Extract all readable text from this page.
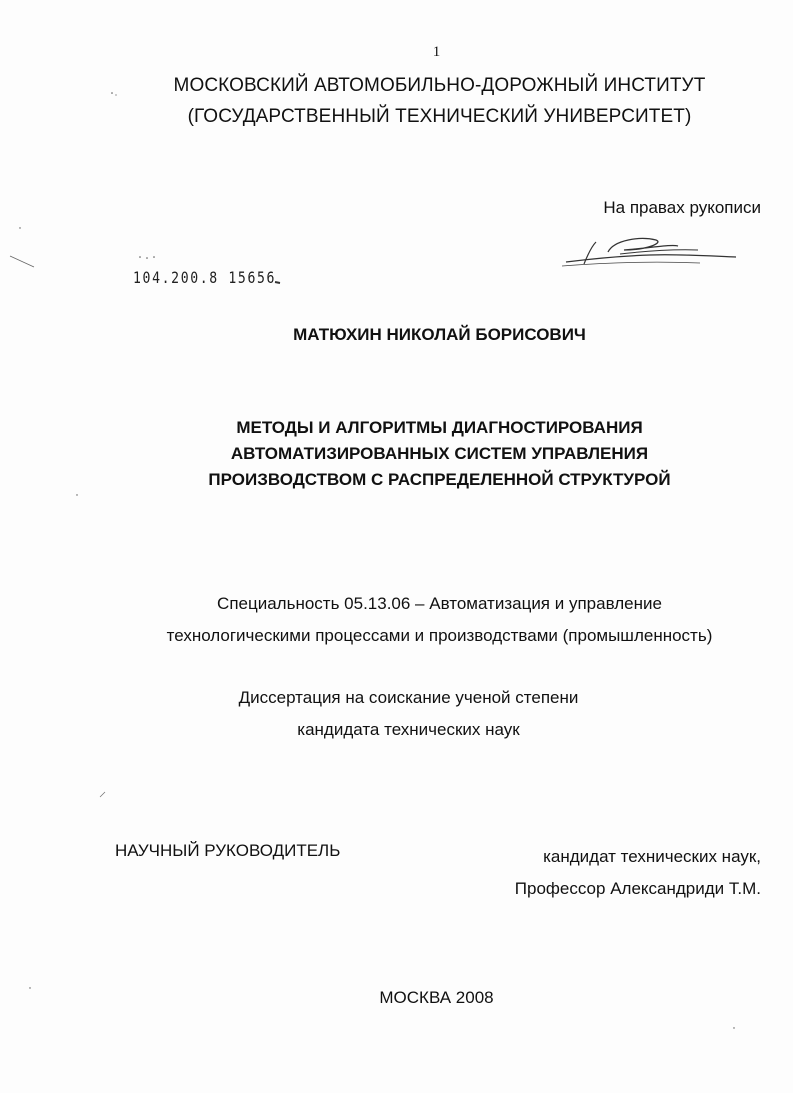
1
МОСКОВСКИЙ АВТОМОБИЛЬНО-ДОРОЖНЫЙ ИНСТИТУТ
(ГОСУДАРСТВЕННЫЙ ТЕХНИЧЕСКИЙ УНИВЕРСИТЕТ)
На правах рукописи
104.200.8 15656
МАТЮХИН НИКОЛАЙ БОРИСОВИЧ
МЕТОДЫ И АЛГОРИТМЫ ДИАГНОСТИРОВАНИЯ
АВТОМАТИЗИРОВАННЫХ СИСТЕМ УПРАВЛЕНИЯ
ПРОИЗВОДСТВОМ С РАСПРЕДЕЛЕННОЙ СТРУКТУРОЙ
Специальность 05.13.06 – Автоматизация и управление
технологическими процессами и производствами (промышленность)
Диссертация на соискание ученой степени
кандидата технических наук
НАУЧНЫЙ РУКОВОДИТЕЛЬ	кандидат технических наук,
Профессор Александриди Т.М.
МОСКВА 2008
